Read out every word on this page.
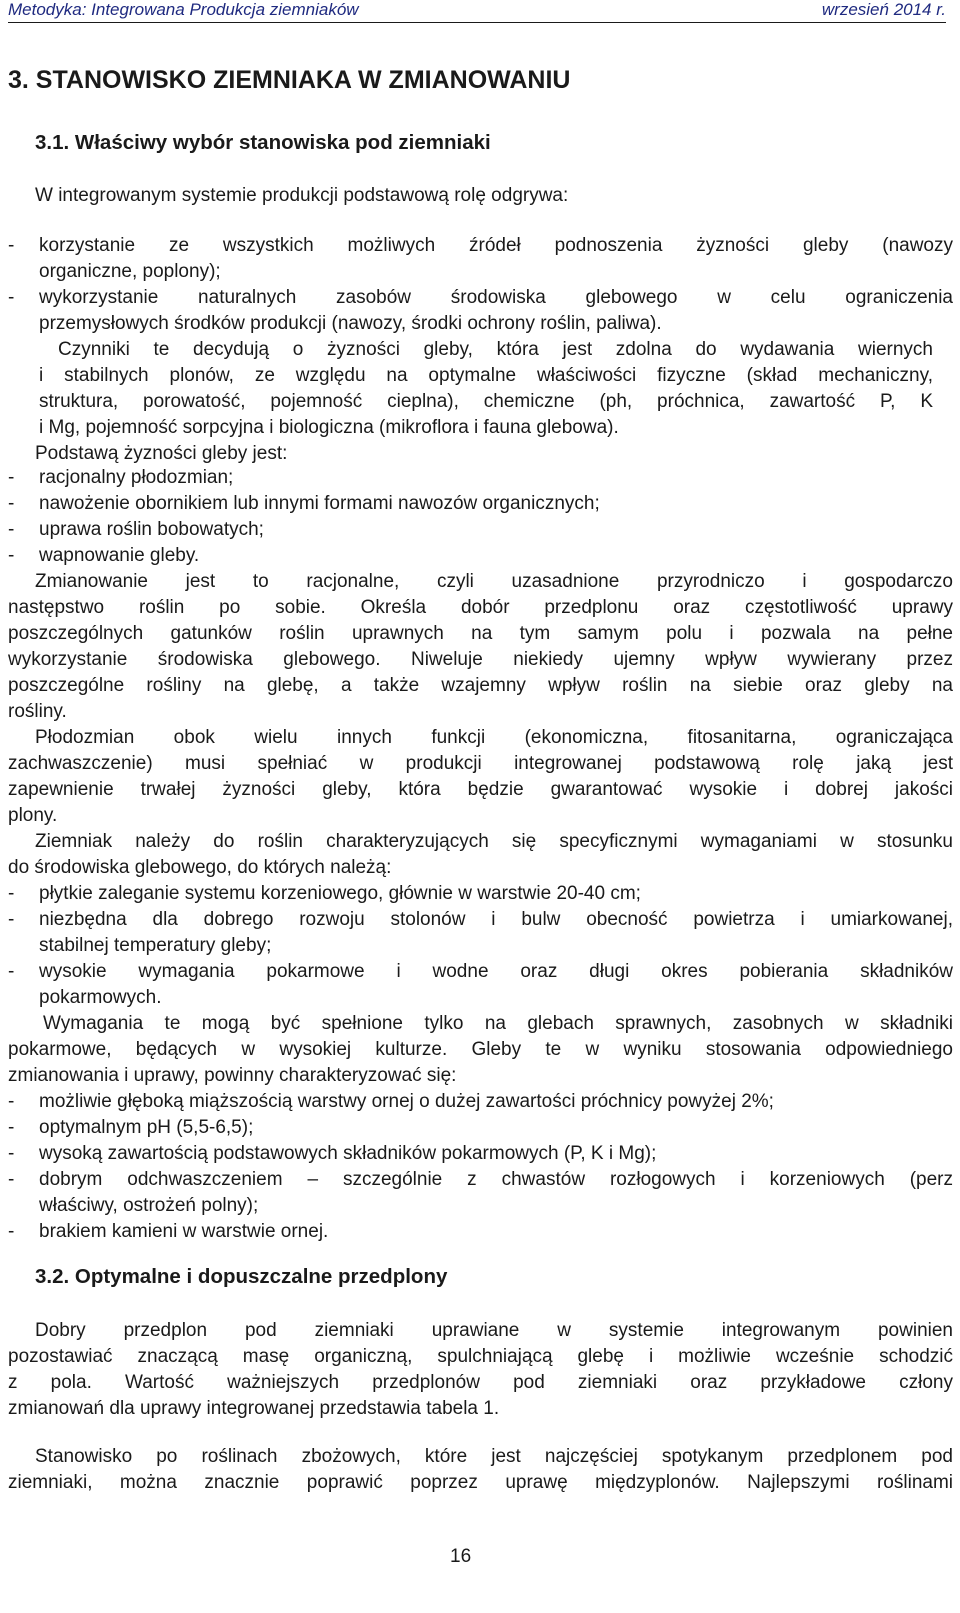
Metodyka: Integrowana Produkcja ziemniaków	wrzesień 2014 r.
3. STANOWISKO ZIEMNIAKA W ZMIANOWANIU
3.1. Właściwy wybór stanowiska pod ziemniaki
W integrowanym systemie produkcji podstawową rolę odgrywa:
- korzystanie ze wszystkich możliwych źródeł podnoszenia żyzności gleby (nawozy
organiczne, poplony);
- wykorzystanie naturalnych zasobów środowiska glebowego w celu ograniczenia
przemysłowych środków produkcji (nawozy, środki ochrony roślin, paliwa).
Czynniki te decydują o żyzności gleby, która jest zdolna do wydawania wiernych
i stabilnych plonów, ze względu na optymalne właściwości fizyczne (skład mechaniczny,
struktura, porowatość, pojemność cieplna), chemiczne (ph, próchnica, zawartość P, K
i Mg, pojemność sorpcyjna i biologiczna (mikroflora i fauna glebowa).
Podstawą żyzności gleby jest:
- racjonalny płodozmian;
- nawożenie obornikiem lub innymi formami nawozów organicznych;
- uprawa roślin bobowatych;
- wapnowanie gleby.
Zmianowanie jest to racjonalne, czyli uzasadnione przyrodniczo i gospodarczo
następstwo roślin po sobie. Określa dobór przedplonu oraz częstotliwość uprawy
poszczególnych gatunków roślin uprawnych na tym samym polu i pozwala na pełne
wykorzystanie środowiska glebowego. Niweluje niekiedy ujemny wpływ wywierany przez
poszczególne rośliny na glebę, a także wzajemny wpływ roślin na siebie oraz gleby na
rośliny.
Płodozmian obok wielu innych funkcji (ekonomiczna, fitosanitarna, ograniczająca
zachwaszczenie) musi spełniać w produkcji integrowanej podstawową rolę jaką jest
zapewnienie trwałej żyzności gleby, która będzie gwarantować wysokie i dobrej jakości
plony.
Ziemniak należy do roślin charakteryzujących się specyficznymi wymaganiami w stosunku
do środowiska glebowego, do których należą:
- płytkie zaleganie systemu korzeniowego, głównie w warstwie 20-40 cm;
- niezbędna dla dobrego rozwoju stolonów i bulw obecność powietrza i umiarkowanej,
stabilnej temperatury gleby;
- wysokie wymagania pokarmowe i wodne oraz długi okres pobierania składników
pokarmowych.
Wymagania te mogą być spełnione tylko na glebach sprawnych, zasobnych w składniki
pokarmowe, będących w wysokiej kulturze. Gleby te w wyniku stosowania odpowiedniego
zmianowania i uprawy, powinny charakteryzować się:
- możliwie głęboką miąższością warstwy ornej o dużej zawartości próchnicy powyżej 2%;
- optymalnym pH (5,5-6,5);
- wysoką zawartością podstawowych składników pokarmowych (P, K i Mg);
- dobrym odchwaszczeniem – szczególnie z chwastów rozłogowych i korzeniowych (perz
właściwy, ostrożeń polny);
- brakiem kamieni w warstwie ornej.
3.2. Optymalne i dopuszczalne przedplony
Dobry przedplon pod ziemniaki uprawiane w systemie integrowanym powinien
pozostawiać znaczącą masę organiczną, spulchniającą glebę i możliwie wcześnie schodzić
z pola. Wartość ważniejszych przedplonów pod ziemniaki oraz przykładowe człony
zmianowań dla uprawy integrowanej przedstawia tabela 1.
Stanowisko po roślinach zbożowych, które jest najczęściej spotykanym przedplonem pod
ziemniaki, można znacznie poprawić poprzez uprawę międzyplonów. Najlepszymi roślinami
16
